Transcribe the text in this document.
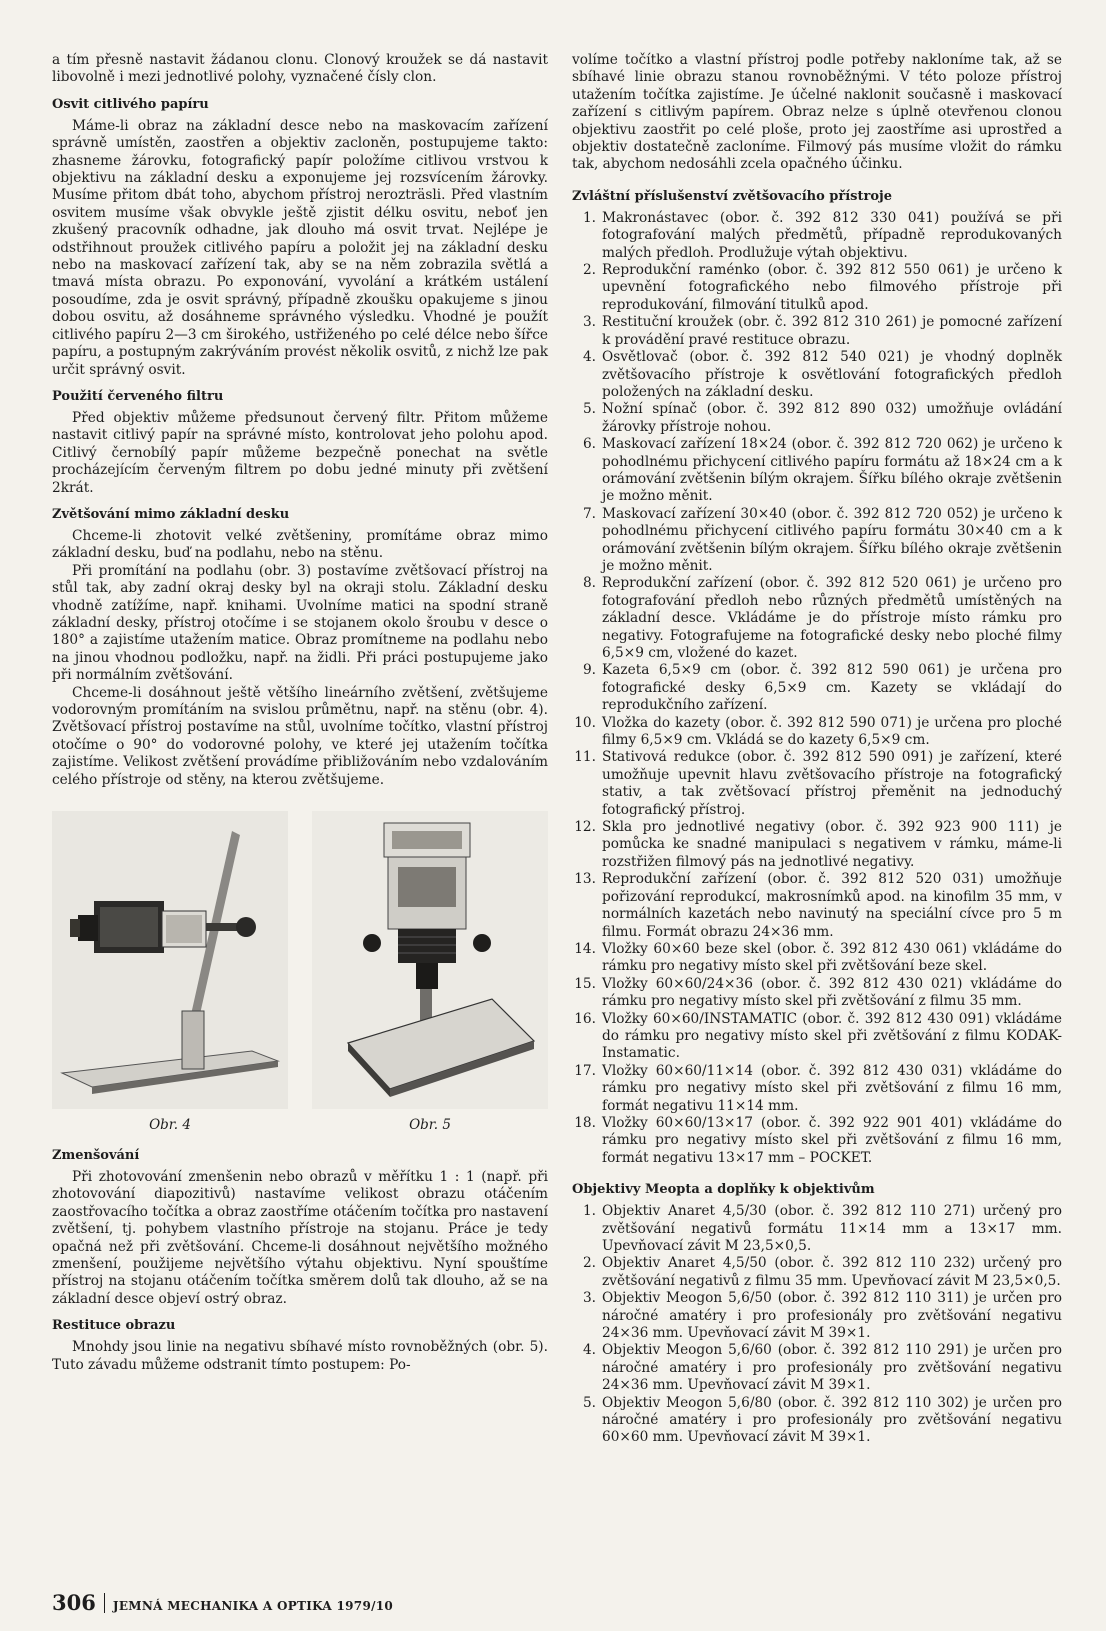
a tím přesně nastavit žádanou clonu. Clonový kroužek se dá nastavit libovolně i mezi jednotlivé polohy, vyznačené čísly clon.

Osvit citlivého papíru

Máme-li obraz na základní desce nebo na maskovacím zařízení správně umístěn, zaostřen a objektiv zacloněn, postupujeme takto: zhasneme žárovku, fotografický papír položíme citlivou vrstvou k objektivu na základní desku a exponujeme jej rozsvícením žárovky. Musíme přitom dbát toho, abychom přístroj nerozträsli. Před vlastním osvitem musíme však obvykle ještě zjistit délku osvitu, neboť jen zkušený pracovník odhadne, jak dlouho má osvit trvat. Nejlépe je odstřihnout proužek citlivého papíru a položit jej na základní desku nebo na maskovací zařízení tak, aby se na něm zobrazila světlá a tmavá místa obrazu. Po exponování, vyvolání a krátkém ustálení posoudíme, zda je osvit správný, případně zkoušku opakujeme s jinou dobou osvitu, až dosáhneme správného výsledku. Vhodné je použít citlivého papíru 2—3 cm širokého, ustřiženého po celé délce nebo šířce papíru, a postupným zakrýváním provést několik osvitů, z nichž lze pak určit správný osvit.

Použití červeného filtru

Před objektiv můžeme předsunout červený filtr. Přitom můžeme nastavit citlivý papír na správné místo, kontrolovat jeho polohu apod. Citlivý černobílý papír můžeme bezpečně ponechat na světle procházejícím červeným filtrem po dobu jedné minuty při zvětšení 2krát.

Zvětšování mimo základní desku

Chceme-li zhotovit velké zvětšeniny, promítáme obraz mimo základní desku, buď na podlahu, nebo na stěnu.

Při promítání na podlahu (obr. 3) postavíme zvětšovací přístroj na stůl tak, aby zadní okraj desky byl na okraji stolu. Základní desku vhodně zatížíme, např. knihami. Uvolníme matici na spodní straně základní desky, přístroj otočíme i se stojanem okolo šroubu v desce o 180° a zajistíme utažením matice. Obraz promítneme na podlahu nebo na jinou vhodnou podložku, např. na židli. Při práci postupujeme jako při normálním zvětšování.

Chceme-li dosáhnout ještě většího lineárního zvětšení, zvětšujeme vodorovným promítáním na svislou průmětnu, např. na stěnu (obr. 4). Zvětšovací přístroj postavíme na stůl, uvolníme točítko, vlastní přístroj otočíme o 90° do vodorovné polohy, ve které jej utažením točítka zajistíme. Velikost zvětšení provádíme přibližováním nebo vzdalováním celého přístroje od stěny, na kterou zvětšujeme.

Obr. 4	Obr. 5
Zmenšování

Při zhotovování zmenšenin nebo obrazů v měřítku 1 : 1 (např. při zhotovování diapozitivů) nastavíme velikost obrazu otáčením zaostřovacího točítka a obraz zaostříme otáčením točítka pro nastavení zvětšení, tj. pohybem vlastního přístroje na stojanu. Práce je tedy opačná než při zvětšování. Chceme-li dosáhnout největšího možného zmenšení, použijeme největšího výtahu objektivu. Nyní spouštíme přístroj na stojanu otáčením točítka směrem dolů tak dlouho, až se na základní desce objeví ostrý obraz.

Restituce obrazu

Mnohdy jsou linie na negativu sbíhavé místo rovnoběžných (obr. 5). Tuto závadu můžeme odstranit tímto postupem: Po-

volíme točítko a vlastní přístroj podle potřeby nakloníme tak, až se sbíhavé linie obrazu stanou rovnoběžnými. V této poloze přístroj utažením točítka zajistíme. Je účelné naklonit současně i maskovací zařízení s citlivým papírem. Obraz nelze s úplně otevřenou clonou objektivu zaostřit po celé ploše, proto jej zaostříme asi uprostřed a objektiv dostatečně zacloníme. Filmový pás musíme vložit do rámku tak, abychom nedosáhli zcela opačného účinku.

Zvláštní příslušenství zvětšovacího přístroje
1. Makronástavec (obor. č. 392 812 330 041) používá se při fotografování malých předmětů, případně reprodukovaných malých předloh. Prodlužuje výtah objektivu.
2. Reprodukční raménko (obor. č. 392 812 550 061) je určeno k upevnění fotografického nebo filmového přístroje při reprodukování, filmování titulků apod.
3. Restituční kroužek (obr. č. 392 812 310 261) je pomocné zařízení k provádění pravé restituce obrazu.
4. Osvětlovač (obor. č. 392 812 540 021) je vhodný doplněk zvětšovacího přístroje k osvětlování fotografických předloh položených na základní desku.
5. Nožní spínač (obor. č. 392 812 890 032) umožňuje ovládání žárovky přístroje nohou.
6. Maskovací zařízení 18×24 (obor. č. 392 812 720 062) je určeno k pohodlnému přichycení citlivého papíru formátu až 18×24 cm a k orámování zvětšenin bílým okrajem. Šířku bílého okraje zvětšenin je možno měnit.
7. Maskovací zařízení 30×40 (obor. č. 392 812 720 052) je určeno k pohodlnému přichycení citlivého papíru formátu 30×40 cm a k orámování zvětšenin bílým okrajem. Šířku bílého okraje zvětšenin je možno měnit.
8. Reprodukční zařízení (obor. č. 392 812 520 061) je určeno pro fotografování předloh nebo různých předmětů umístěných na základní desce. Vkládáme je do přístroje místo rámku pro negativy. Fotografujeme na fotografické desky nebo ploché filmy 6,5×9 cm, vložené do kazet.
9. Kazeta 6,5×9 cm (obor. č. 392 812 590 061) je určena pro fotografické desky 6,5×9 cm. Kazety se vkládají do reprodukčního zařízení.
10. Vložka do kazety (obor. č. 392 812 590 071) je určena pro ploché filmy 6,5×9 cm. Vkládá se do kazety 6,5×9 cm.
11. Stativová redukce (obor. č. 392 812 590 091) je zařízení, které umožňuje upevnit hlavu zvětšovacího přístroje na fotografický stativ, a tak zvětšovací přístroj přeměnit na jednoduchý fotografický přístroj.
12. Skla pro jednotlivé negativy (obor. č. 392 923 900 111) je pomůcka ke snadné manipulaci s negativem v rámku, máme-li rozstřižen filmový pás na jednotlivé negativy.
13. Reprodukční zařízení (obor. č. 392 812 520 031) umožňuje pořizování reprodukcí, makrosnímků apod. na kinofilm 35 mm, v normálních kazetách nebo navinutý na speciální cívce pro 5 m filmu. Formát obrazu 24×36 mm.
14. Vložky 60×60 beze skel (obor. č. 392 812 430 061) vkládáme do rámku pro negativy místo skel při zvětšování beze skel.
15. Vložky 60×60/24×36 (obor. č. 392 812 430 021) vkládáme do rámku pro negativy místo skel při zvětšování z filmu 35 mm.
16. Vložky 60×60/INSTAMATIC (obor. č. 392 812 430 091) vkládáme do rámku pro negativy místo skel při zvětšování z filmu KODAK-Instamatic.
17. Vložky 60×60/11×14 (obor. č. 392 812 430 031) vkládáme do rámku pro negativy místo skel při zvětšování z filmu 16 mm, formát negativu 11×14 mm.
18. Vložky 60×60/13×17 (obor. č. 392 922 901 401) vkládáme do rámku pro negativy místo skel při zvětšování z filmu 16 mm, formát negativu 13×17 mm – POCKET.
Objektivy Meopta a doplňky k objektivům
1. Objektiv Anaret 4,5/30 (obor. č. 392 812 110 271) určený pro zvětšování negativů formátu 11×14 mm a 13×17 mm. Upevňovací závit M 23,5×0,5.
2. Objektiv Anaret 4,5/50 (obor. č. 392 812 110 232) určený pro zvětšování negativů z filmu 35 mm. Upevňovací závit M 23,5×0,5.
3. Objektiv Meogon 5,6/50 (obor. č. 392 812 110 311) je určen pro náročné amatéry i pro profesionály pro zvětšování negativu 24×36 mm. Upevňovací závit M 39×1.
4. Objektiv Meogon 5,6/60 (obor. č. 392 812 110 291) je určen pro náročné amatéry i pro profesionály pro zvětšování negativu 24×36 mm. Upevňovací závit M 39×1.
5. Objektiv Meogon 5,6/80 (obor. č. 392 812 110 302) je určen pro náročné amatéry i pro profesionály pro zvětšování negativu 60×60 mm. Upevňovací závit M 39×1.
306 JEMNÁ MECHANIKA A OPTIKA 1979/10
